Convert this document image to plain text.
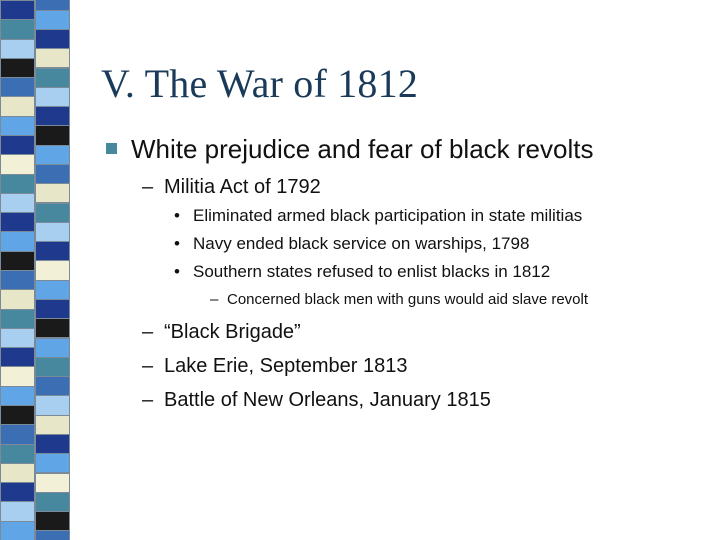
V. The War of 1812
White prejudice and fear of black revolts
– Militia Act of 1792
• Eliminated armed black participation in state militias
• Navy ended black service on warships, 1798
• Southern states refused to enlist blacks in 1812
– Concerned black men with guns would aid slave revolt
– “Black Brigade”
– Lake Erie, September 1813
– Battle of New Orleans, January 1815
